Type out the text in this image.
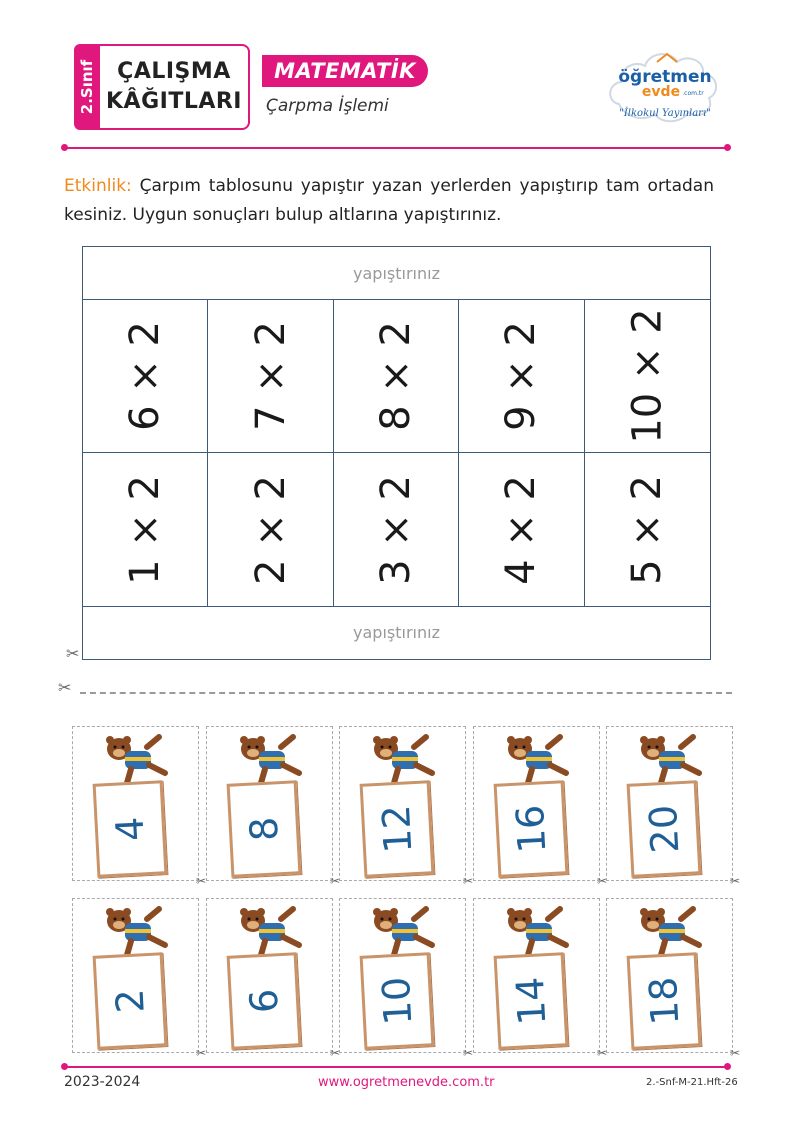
2.Sınıf ÇALIŞMA
KÂĞITLARI
MATEMATİK
Çarpma İşlemi
öğretmen
evde .com.tr
"İlkokul Yayınları"
Etkinlik: Çarpım tablosunu yapıştır yazan yerlerden yapıştırıp tam ortadan kesiniz. Uygun sonuçları bulup altlarına yapıştırınız.
yapıştırınız
6 × 2 7 × 2 8 × 2 9 × 2 10 × 2
1 × 2 2 × 2 3 × 2 4 × 2 5 × 2
yapıştırınız
✂
✂
4
✂
8
✂
12
✂
16
✂
20
✂
2
✂
6
✂
10
✂
14
✂
18
✂
2023-2024	www.ogretmenevde.com.tr	2.-Snf-M-21.Hft-26
